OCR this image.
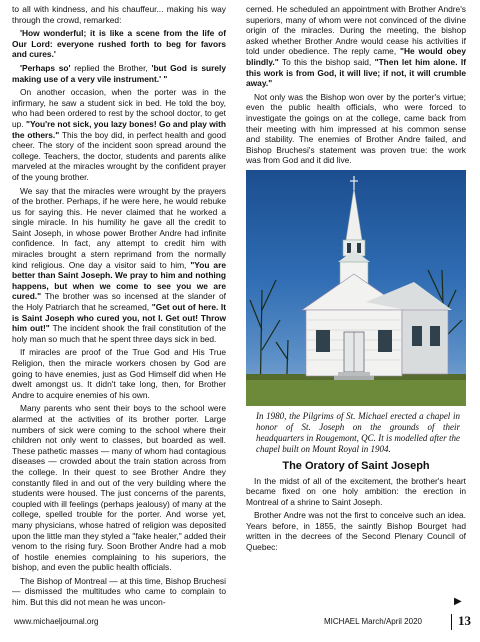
to all with kindness, and his chauffeur... making his way through the crowd, remarked:

'How wonderful; it is like a scene from the life of Our Lord: everyone rushed forth to beg for favors and cures.'

'Perhaps so' replied the Brother, 'but God is surely making use of a very vile instrument.' "

On another occasion, when the porter was in the infirmary, he saw a student sick in bed. He told the boy, who had been ordered to rest by the school doctor, to get up. "You're not sick, you lazy bones! Go and play with the others." This the boy did, in perfect health and good cheer. The story of the incident soon spread around the college. Teachers, the doctor, students and parents alike marveled at the miracles wrought by the confident prayer of the young brother.

We say that the miracles were wrought by the prayers of the brother. Perhaps, if he were here, he would rebuke us for saying this. He never claimed that he worked a single miracle. In his humility he gave all the credit to Saint Joseph, in whose power Brother Andre had infinite confidence. In fact, any attempt to credit him with miracles brought a stern reprimand from the normally kind religious. One day a visitor said to him, "You are better than Saint Joseph. We pray to him and nothing happens, but when we come to see you we are cured." The brother was so incensed at the slander of the Holy Patriarch that he screamed, "Get out of here. It is Saint Joseph who cured you, not I. Get out! Throw him out!" The incident shook the frail constitution of the holy man so much that he spent three days sick in bed.

If miracles are proof of the True God and His True Religion, then the miracle workers chosen by God are going to have enemies, just as God Himself did when He dwelt amongst us. It didn't take long, then, for Brother Andre to acquire enemies of his own.

Many parents who sent their boys to the school were alarmed at the activities of its brother porter. Large numbers of sick were coming to the school where their children not only went to classes, but boarded as well. These pathetic masses — many of whom had contagious diseases — crowded about the train station across from the college. In their quest to see Brother Andre they constantly filed in and out of the very building where the students were housed. The just concerns of the parents, coupled with ill feelings (perhaps jealousy) of many at the college, spelled trouble for the porter. And worse yet, many physicians, whose hatred of religion was deposited upon the little man they styled a "fake healer," added their venom to the rising fury. Soon Brother Andre had a mob of hostile enemies complaining to his superiors, the bishop, and even the public health officials.

The Bishop of Montreal — at this time, Bishop Bruchesi — dismissed the multitudes who came to complain to him. But this did not mean he was uncon-

cerned. He scheduled an appointment with Brother Andre's superiors, many of whom were not convinced of the divine origin of the miracles. During the meeting, the bishop asked whether Brother Andre would cease his activities if told under obedience. The reply came, "He would obey blindly." To this the bishop said, "Then let him alone. If this work is from God, it will live; if not, it will crumble away."

Not only was the Bishop won over by the porter's virtue; even the public health officials, who were forced to investigate the goings on at the college, came back from their meeting with him impressed at his common sense and stability. The enemies of Brother Andre failed, and Bishop Bruchesi's statement was proven true: the work was from God and it did live.

In 1980, the Pilgrims of St. Michael erected a chapel in honor of St. Joseph on the grounds of their headquarters in Rougemont, QC. It is modelled after the chapel built on Mount Royal in 1904.
The Oratory of Saint Joseph

In the midst of all of the excitement, the brother's heart became fixed on one holy ambition: the erection in Montreal of a shrine to Saint Joseph.

Brother Andre was not the first to conceive such an idea. Years before, in 1855, the saintly Bishop Bourget had written in the decrees of the Second Plenary Council of Quebec:

▶
www.michaeljournal.org	MICHAEL March/April 2020	13
